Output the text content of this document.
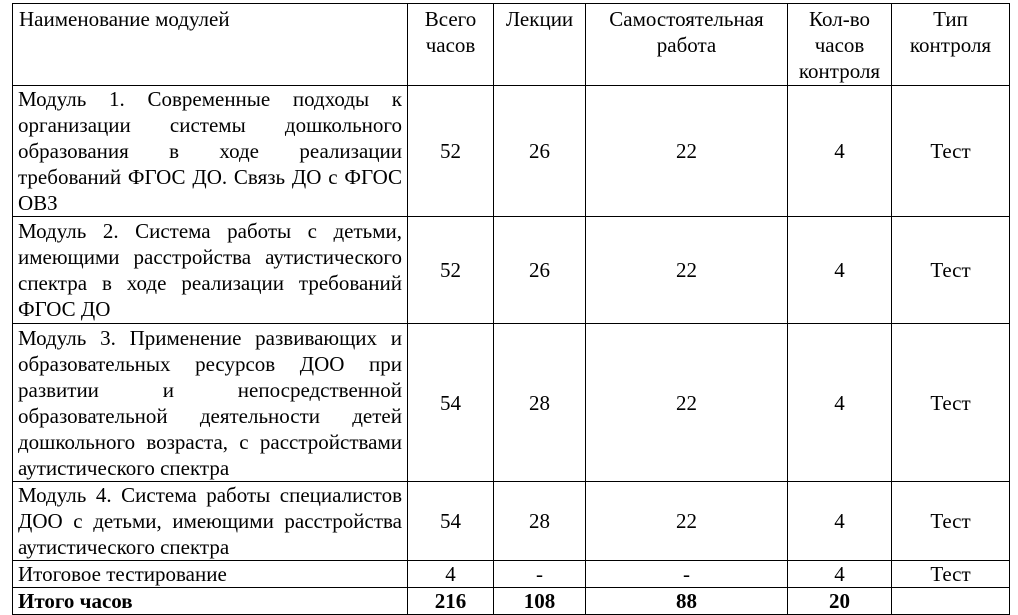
Наименование модулей	Всего часов	Лекции	Самостоятельная работа	Кол-во часов контроля	Тип контроля
Модуль 1. Современные подходы к организации системы дошкольного образования в ходе реализации требований ФГОС ДО. Связь ДО с ФГОС ОВЗ	52	26	22	4	Тест
Модуль 2. Система работы с детьми, имеющими расстройства аутистического спектра в ходе реализации требований ФГОС ДО	52	26	22	4	Тест
Модуль 3. Применение развивающих и образовательных ресурсов ДОО при развитии и непосредственной образовательной деятельности детей дошкольного возраста, с расстройствами аутистического спектра	54	28	22	4	Тест
Модуль 4. Система работы специалистов ДОО с детьми, имеющими расстройства аутистического спектра	54	28	22	4	Тест
Итоговое тестирование	4	-	-	4	Тест
Итого часов	216	108	88	20	
